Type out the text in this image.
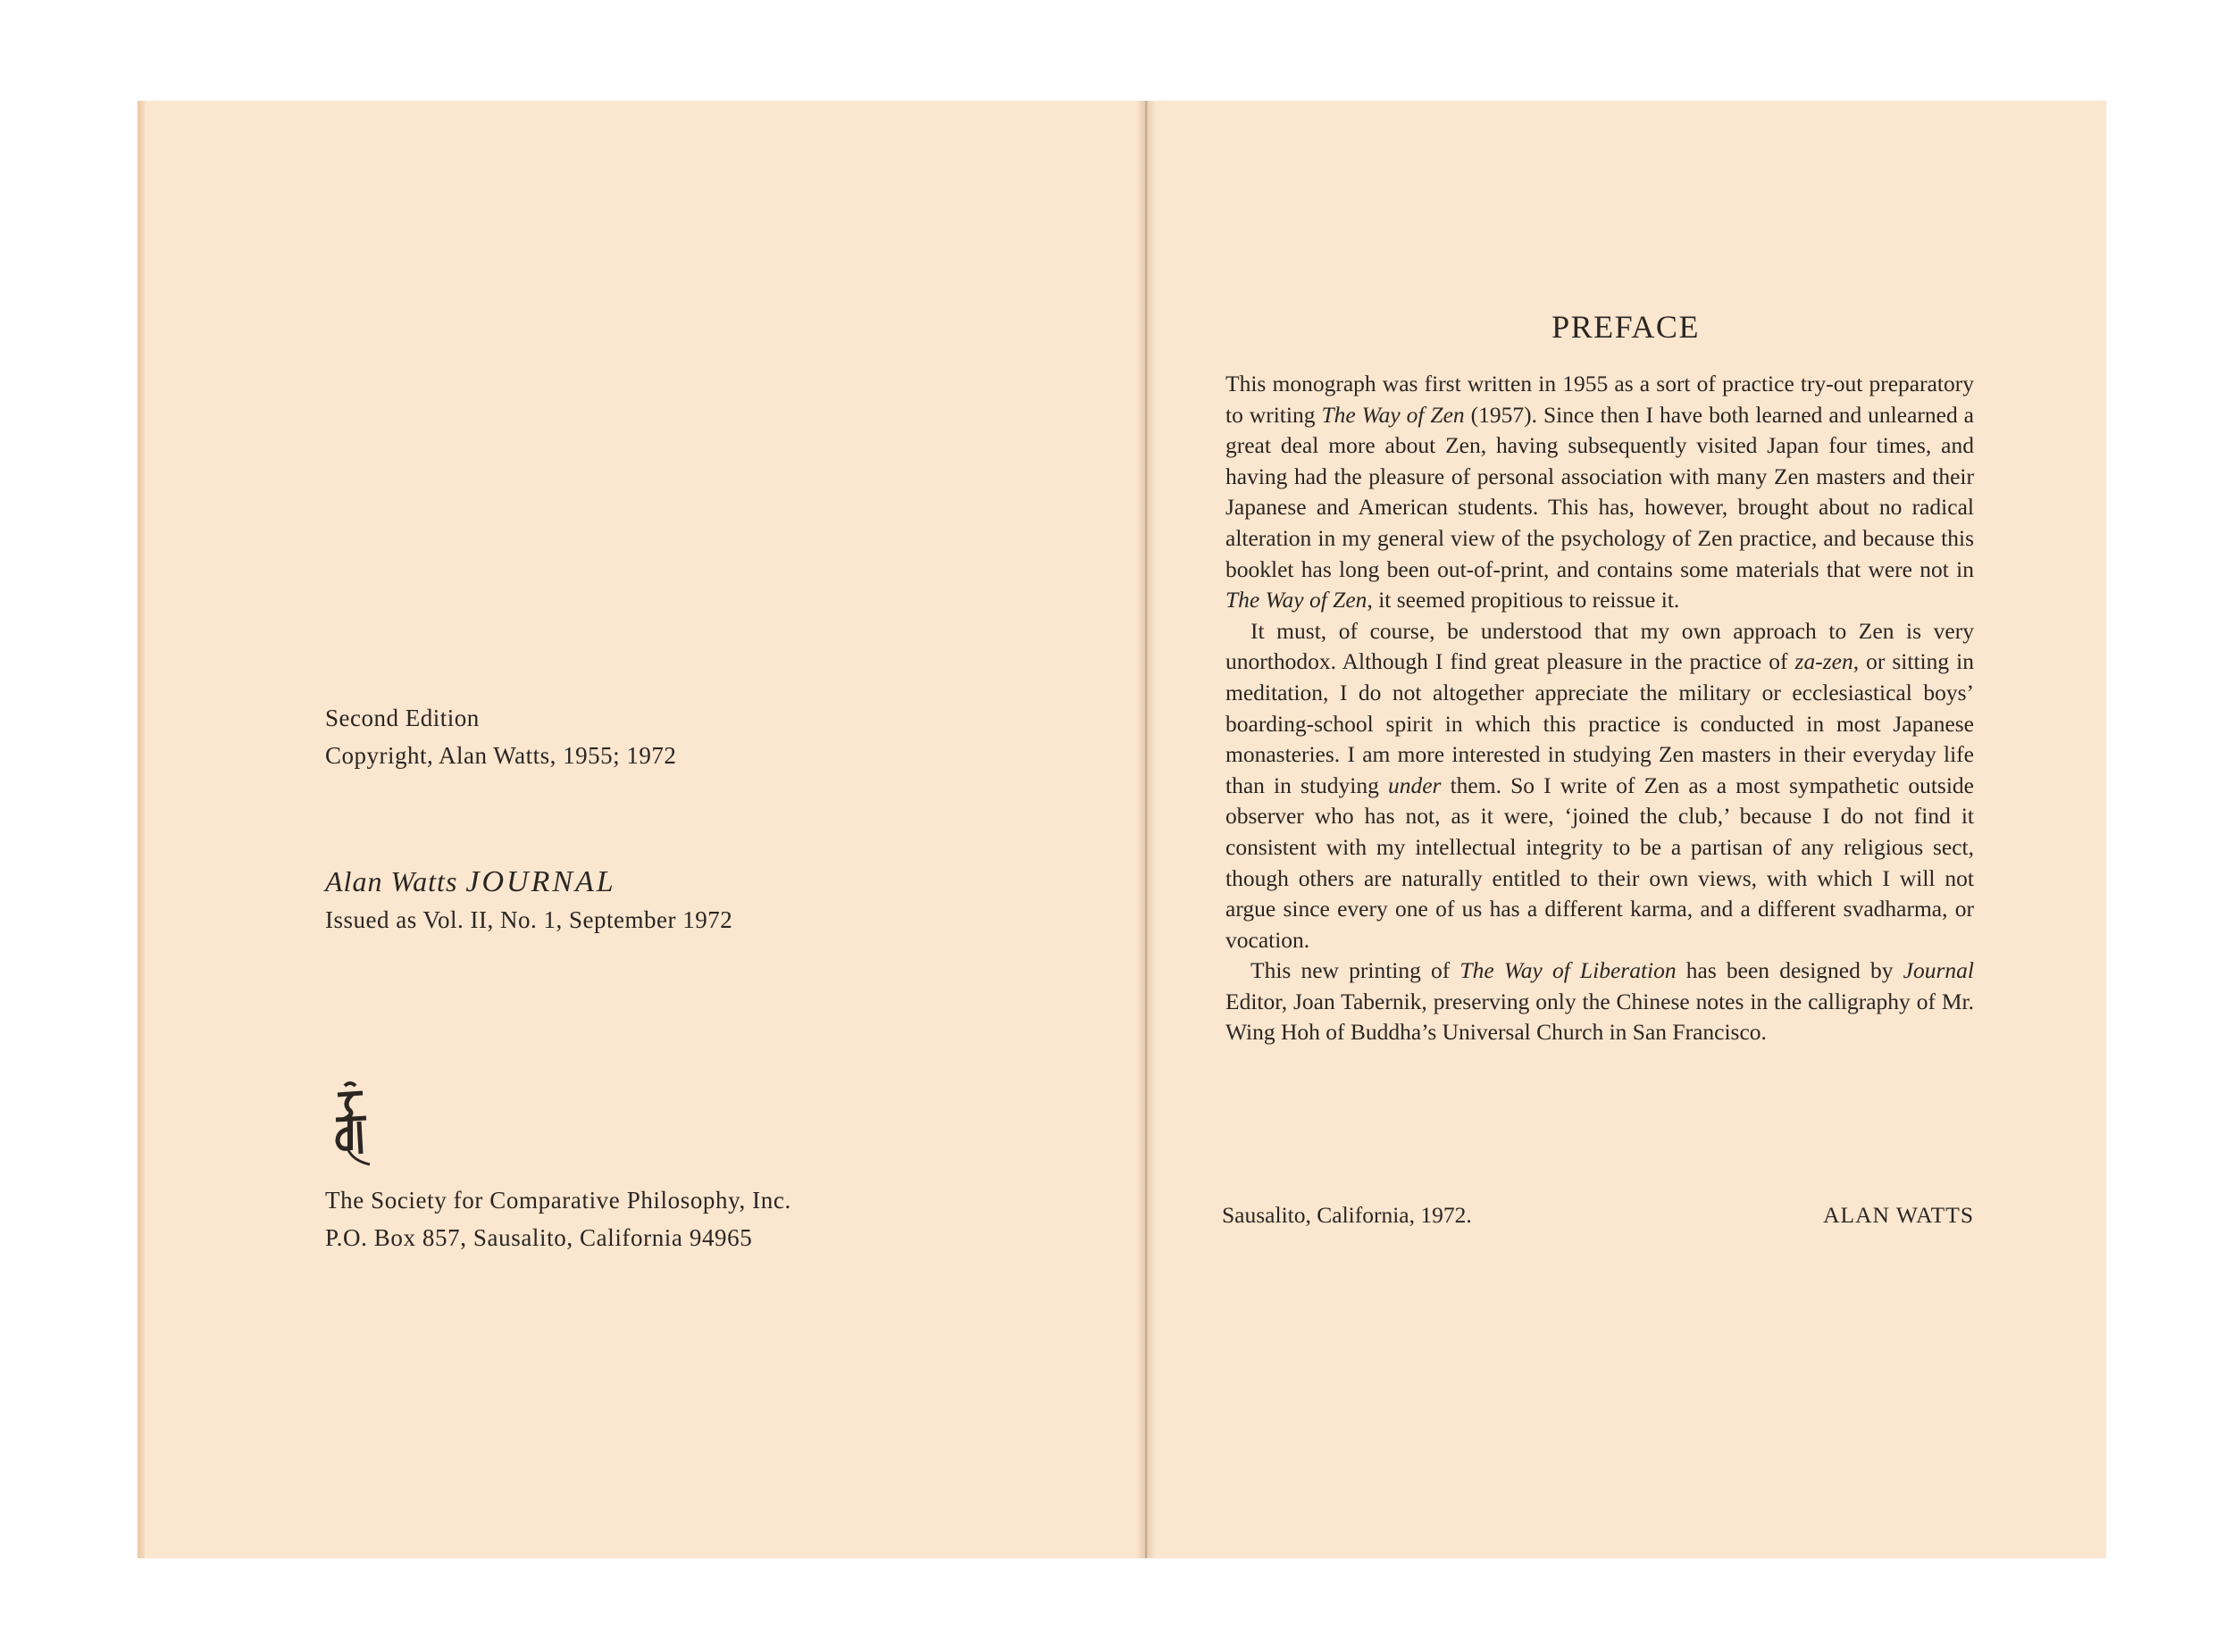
Second Edition
Copyright, Alan Watts, 1955; 1972
Alan Watts JOURNAL
Issued as Vol. II, No. 1, September 1972
The Society for Comparative Philosophy, Inc.
P.O. Box 857, Sausalito, California 94965
PREFACE

This monograph was first written in 1955 as a sort of practice try-out preparatory to writing The Way of Zen (1957). Since then I have both learned and unlearned a great deal more about Zen, having subsequently visited Japan four times, and having had the pleasure of personal association with many Zen masters and their Japanese and American students. This has, however, brought about no radical alteration in my general view of the psychology of Zen practice, and because this booklet has long been out-of-print, and contains some materials that were not in The Way of Zen, it seemed propitious to reissue it.

It must, of course, be understood that my own approach to Zen is very unorthodox. Although I find great pleasure in the practice of za-zen, or sitting in meditation, I do not altogether appreciate the military or ecclesiastical boys’ boarding-school spirit in which this practice is conducted in most Japanese monasteries. I am more interested in studying Zen masters in their everyday life than in studying under them. So I write of Zen as a most sympathetic outside observer who has not, as it were, ‘joined the club,’ because I do not find it consistent with my intellectual integrity to be a partisan of any religious sect, though others are naturally entitled to their own views, with which I will not argue since every one of us has a different karma, and a different svadharma, or vocation.

This new printing of The Way of Liberation has been designed by Journal Editor, Joan Tabernik, preserving only the Chinese notes in the calligraphy of Mr. Wing Hoh of Buddha’s Universal Church in San Francisco.

Sausalito, California, 1972.	ALAN WATTS
